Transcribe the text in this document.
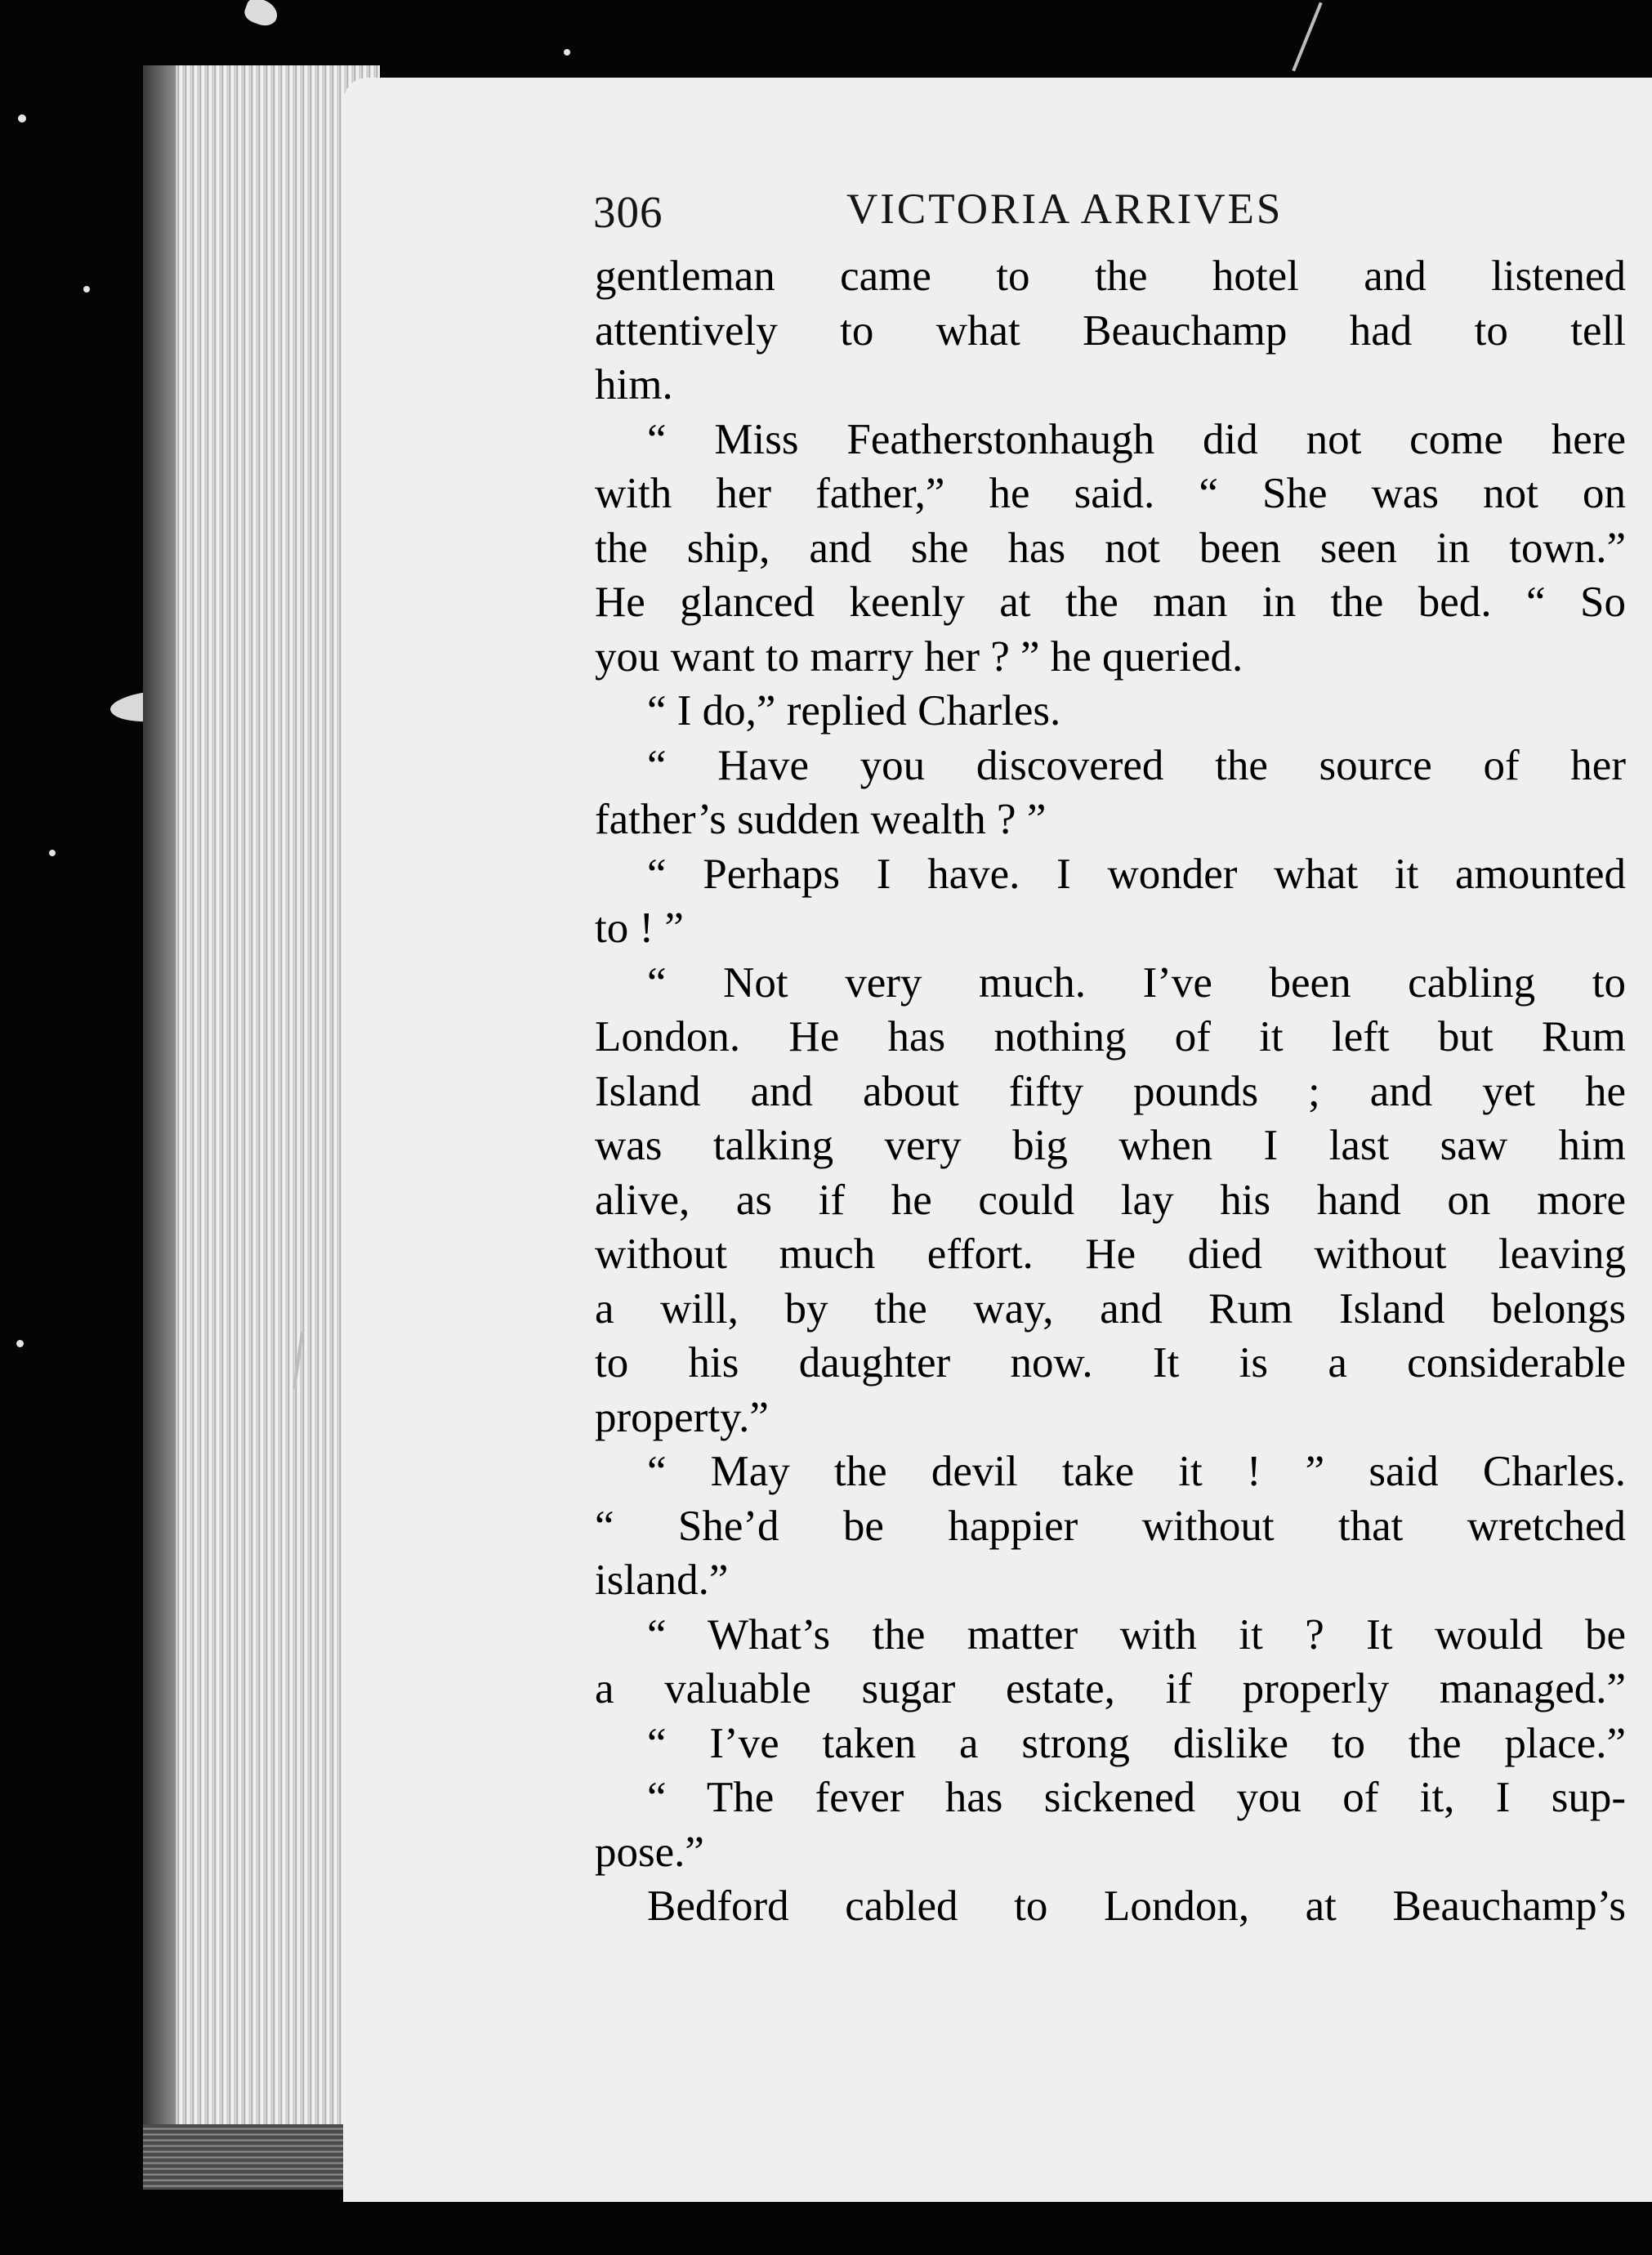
306	VICTORIA ARRIVES
gentleman came to the hotel and listened
attentively to what Beauchamp had to tell
him.
“ Miss Featherstonhaugh did not come here
with her father,” he said. “ She was not on
the ship, and she has not been seen in town.”
He glanced keenly at the man in the bed. “ So
you want to marry her ? ” he queried.
“ I do,” replied Charles.
“ Have you discovered the source of her
father’s sudden wealth ? ”
“ Perhaps I have. I wonder what it amounted
to ! ”
“ Not very much. I’ve been cabling to
London. He has nothing of it left but Rum
Island and about fifty pounds ; and yet he
was talking very big when I last saw him
alive, as if he could lay his hand on more
without much effort. He died without leaving
a will, by the way, and Rum Island belongs
to his daughter now. It is a considerable
property.”
“ May the devil take it ! ” said Charles.
“ She’d be happier without that wretched
island.”
“ What’s the matter with it ? It would be
a valuable sugar estate, if properly managed.”
“ I’ve taken a strong dislike to the place.”
“ The fever has sickened you of it, I sup-
pose.”
Bedford cabled to London, at Beauchamp’s
